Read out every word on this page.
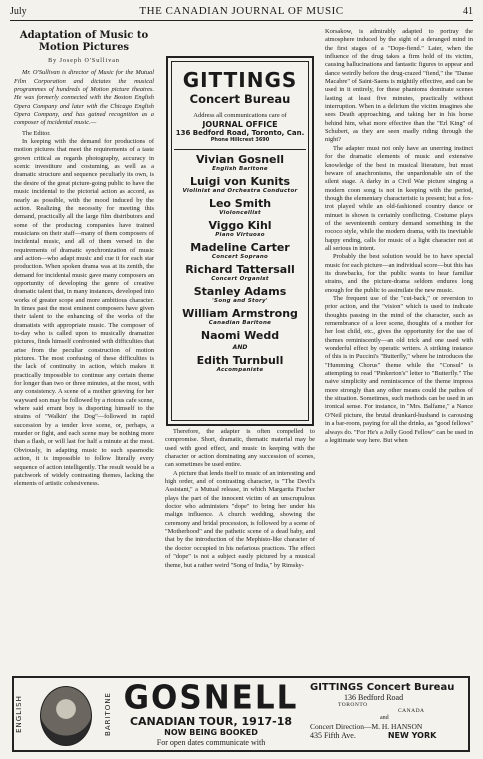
July	THE CANADIAN JOURNAL OF MUSIC	41
Adaptation of Music to
Motion Pictures
By Joseph O'Sullivan

Mr. O'Sullivan is director of Music for the Mutual Film Corporation and dictates the musical programmes of hundreds of Motion picture theatres. He was formerly connected with the Boston English Opera Company and later with the Chicago English Opera Company, and has gained recognition as a composer of incidental music.—

The Editor.

In keeping with the demand for productions of motion pictures that meet the requirements of a taste grown critical as regards photography, accuracy in scenic investiture and costuming, as well as a dramatic structure and sequence peculiarly its own, is the desire of the great picture-going public to have the music incidental to the pictorial action as accord, as nearly as possible, with the mood induced by the action. Realizing the necessity for meeting this demand, practically all the large film distributors and some of the producing companies have trained musicians on their staff—many of them composers of incidental music, and all of them versed in the requirements of dramatic synchronization of music and action—who adapt music and cue it for each star production. When spoken drama was at its zenith, the demand for incidental music gave many composers an opportunity of developing the genre of creative dramatic talent that, in many instances, developed into works of greater scope and more ambitious character. In times past the most eminent composers have given their talent to the enhancing of the works of the dramatists with appropriate music. The composer of to-day who is called upon to musically dramatize pictures, finds himself confronted with difficulties that arise from the peculiar construction of motion pictures. The most confusing of these difficulties is the lack of continuity in action, which makes it practically impossible to continue any certain theme for longer than two or three minutes, at the most, with any consistency. A scene of a mother grieving for her wayward son may be followed by a riotous cafe scene, where said errant boy is disporting himself to the strains of "Walkin' the Dog"—followed in rapid succession by a tender love scene, or, perhaps, a murder or fight, and each scene may be nothing more than a flash, or will last for half a minute at the most. Obviously, in adapting music to such spasmodic action, it is impossible to follow literally every sequence of action intelligently. The result would be a patchwork of widely contrasting themes, lacking the elements of artistic cohesiveness.

GITTINGS
Concert Bureau
Address all communications care of
JOURNAL OFFICE
136 Bedford Road, Toronto, Can.
Phone Hillcrest 3690
Vivian Gosnell
English Baritone
Luigi von Kunits
Violinist and Orchestra Conductor
Leo Smith
Violoncellist
Viggo Kihl
Piano Virtuoso
Madeline Carter
Concert Soprano
Richard Tattersall
Concert Organist
Stanley Adams
'Song and Story'
William Armstrong
Canadian Baritone
Naomi Wedd
AND
Edith Turnbull
Accompaniste

Therefore, the adapter is often compelled to compromise. Short, dramatic, thematic material may be used with good effect, and music in keeping with the character or action dominating any succession of scenes, can sometimes be used entire.

A picture that lends itself to music of an interesting and high order, and of contrasting character, is "The Devil's Assistant," a Mutual release, in which Margarita Fischer plays the part of the innocent victim of an unscrupulous doctor who administers "dope" to bring her under his malign influence. A church wedding, showing the ceremony and bridal procession, is followed by a scene of "Motherhood" and the pathetic scene of a dead baby, and that by the introduction of the Mephisto-like character of the doctor occupied in his nefarious practices. The effect of "dope" is not a subject easily pictured by a musical theme, but a rather weird "Song of India," by Rimsky-

Korsakow, is admirably adapted to portray the atmosphere induced by the sight of a deranged mind in the first stages of a "Dope-fiend." Later, when the influence of the drug takes a firm hold of its victim, causing hallucinations and fantastic figures to appear and dance weirdly before the drug-crazed "fiend," the "Danse Macabre" of Saint-Saens is mightily effective, and can be used in it entirely, for these phantoms dominate scenes lasting at least five minutes, practically without interruption. When in a delirium the victim imagines she sees Death approaching, and taking her in his horse behind him, what more effective than the "Erl King" of Schubert, as they are seen madly riding through the night?

The adapter must not only have an unerring instinct for the dramatic elements of music and extensive knowledge of the best in musical literature, but must beware of anachronisms, the unpardonable sin of the silent stage. A darky in a Civil War picture singing a modern coon song is not in keeping with the period, though the elementary characteristic is present; but a fox-trot played while an old-fashioned country dance or minuet is shown is certainly conflicting. Costume plays of the seventeenth century demand something in the rococo style, while the modern drama, with its inevitable happy ending, calls for music of a light character not at all serious in intent.

Probably the best solution would be to have special music for each picture—an individual score—but this has its drawbacks, for the public wants to hear familiar strains, and the picture-drama seldom endures long enough for the public to assimilate the new music.

The frequent use of the "cut-back," or reversion to prior action, and the "vision" which is used to indicate thoughts passing in the mind of the character, such as remembrance of a love scene, thoughts of a mother for her lost child, etc., gives the opportunity for the use of themes reminiscently—an old trick and one used with wonderful effect by operatic writers. A striking instance of this is in Puccini's "Butterfly," where he introduces the "Humming Chorus" theme while the "Consul" is attempting to read "Pinkerton's" letter to "Butterfly." The naive simplicity and reminiscence of the theme impress more strongly than any other means could the pathos of the situation. Sometimes, such methods can be used in an ironical sense. For instance, in "Mrs. Balfame," a Nance O'Neil picture, the brutal drunkard-husband is carousing in a bar-room, paying for all the drinks, as "good fellows" always do. "For He's a Jolly Good Fellow" can be used in a legitimate way here. But when

ENGLISH	BARITONE GOSNELL
CANADIAN TOUR, 1917-18
NOW BEING BOOKED
For open dates communicate with
GITTINGS Concert Bureau
136 Bedford Road
TORONTO
CANADA
and
Concert Direction—M. H. HANSON
435 Fifth Ave.	NEW YORK
